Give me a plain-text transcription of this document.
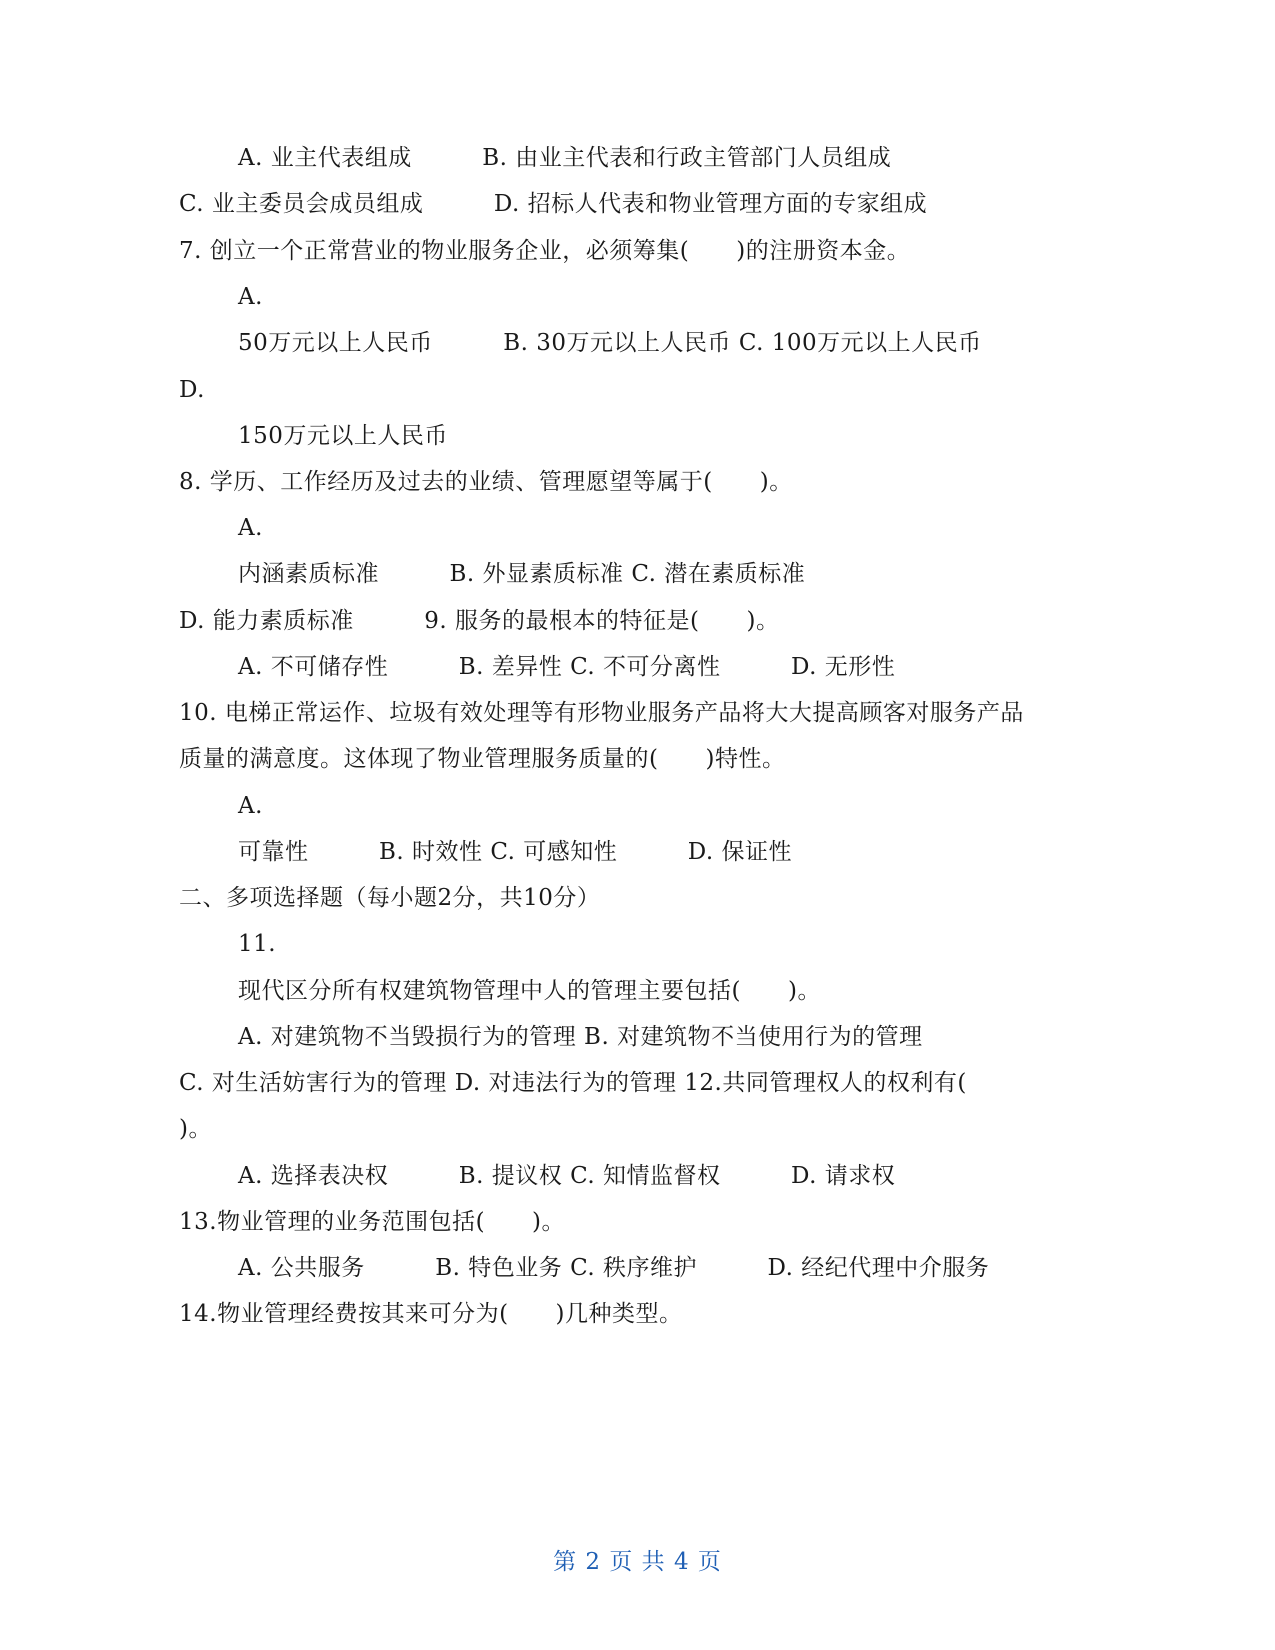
A. 业主代表组成　　　B. 由业主代表和行政主管部门人员组成
C. 业主委员会成员组成　　　D. 招标人代表和物业管理方面的专家组成
7. 创立一个正常营业的物业服务企业，必须筹集(　　)的注册资本金。
A.
50万元以上人民币　　　B. 30万元以上人民币 C. 100万元以上人民币
D.
150万元以上人民币
8. 学历、工作经历及过去的业绩、管理愿望等属于(　　)。
A.
内涵素质标准　　　B. 外显素质标准 C. 潜在素质标准
D. 能力素质标准　　　9. 服务的最根本的特征是(　　)。
A. 不可储存性　　　B. 差异性 C. 不可分离性　　　D. 无形性
10. 电梯正常运作、垃圾有效处理等有形物业服务产品将大大提高顾客对服务产品
质量的满意度。这体现了物业管理服务质量的(　　)特性。
A.
可靠性　　　B. 时效性 C. 可感知性　　　D. 保证性
二、多项选择题（每小题2分，共10分）
11.
现代区分所有权建筑物管理中人的管理主要包括(　　)。
A. 对建筑物不当毁损行为的管理 B. 对建筑物不当使用行为的管理
C. 对生活妨害行为的管理 D. 对违法行为的管理 12.共同管理权人的权利有(
)。
A. 选择表决权　　　B. 提议权 C. 知情监督权　　　D. 请求权
13.物业管理的业务范围包括(　　)。
A. 公共服务　　　B. 特色业务 C. 秩序维护　　　D. 经纪代理中介服务
14.物业管理经费按其来可分为(　　)几种类型。
第 2 页 共 4 页
